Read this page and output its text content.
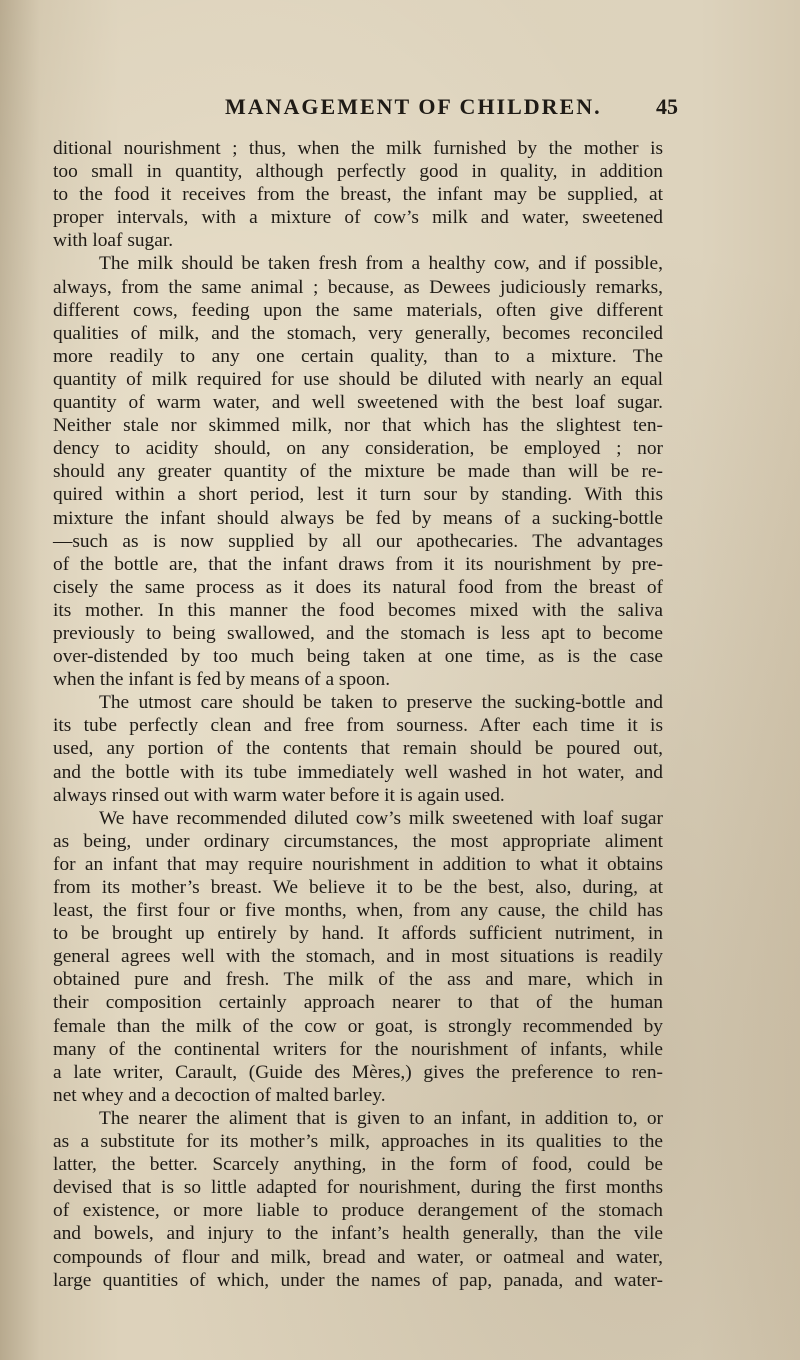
MANAGEMENT OF CHILDREN. 45
ditional nourishment ; thus, when the milk furnished by the mother is
too small in quantity, although perfectly good in quality, in addition
to the food it receives from the breast, the infant may be supplied, at
proper intervals, with a mixture of cow’s milk and water, sweetened
with loaf sugar.
The milk should be taken fresh from a healthy cow, and if possible,
always, from the same animal ; because, as Dewees judiciously remarks,
different cows, feeding upon the same materials, often give different
qualities of milk, and the stomach, very generally, becomes reconciled
more readily to any one certain quality, than to a mixture. The
quantity of milk required for use should be diluted with nearly an equal
quantity of warm water, and well sweetened with the best loaf sugar.
Neither stale nor skimmed milk, nor that which has the slightest ten-
dency to acidity should, on any consideration, be employed ; nor
should any greater quantity of the mixture be made than will be re-
quired within a short period, lest it turn sour by standing. With this
mixture the infant should always be fed by means of a sucking-bottle
—such as is now supplied by all our apothecaries. The advantages
of the bottle are, that the infant draws from it its nourishment by pre-
cisely the same process as it does its natural food from the breast of
its mother. In this manner the food becomes mixed with the saliva
previously to being swallowed, and the stomach is less apt to become
over-distended by too much being taken at one time, as is the case
when the infant is fed by means of a spoon.
The utmost care should be taken to preserve the sucking-bottle and
its tube perfectly clean and free from sourness. After each time it is
used, any portion of the contents that remain should be poured out,
and the bottle with its tube immediately well washed in hot water, and
always rinsed out with warm water before it is again used.
We have recommended diluted cow’s milk sweetened with loaf sugar
as being, under ordinary circumstances, the most appropriate aliment
for an infant that may require nourishment in addition to what it obtains
from its mother’s breast. We believe it to be the best, also, during, at
least, the first four or five months, when, from any cause, the child has
to be brought up entirely by hand. It affords sufficient nutriment, in
general agrees well with the stomach, and in most situations is readily
obtained pure and fresh. The milk of the ass and mare, which in
their composition certainly approach nearer to that of the human
female than the milk of the cow or goat, is strongly recommended by
many of the continental writers for the nourishment of infants, while
a late writer, Carault, (Guide des Mères,) gives the preference to ren-
net whey and a decoction of malted barley.
The nearer the aliment that is given to an infant, in addition to, or
as a substitute for its mother’s milk, approaches in its qualities to the
latter, the better. Scarcely anything, in the form of food, could be
devised that is so little adapted for nourishment, during the first months
of existence, or more liable to produce derangement of the stomach
and bowels, and injury to the infant’s health generally, than the vile
compounds of flour and milk, bread and water, or oatmeal and water,
large quantities of which, under the names of pap, panada, and water-
